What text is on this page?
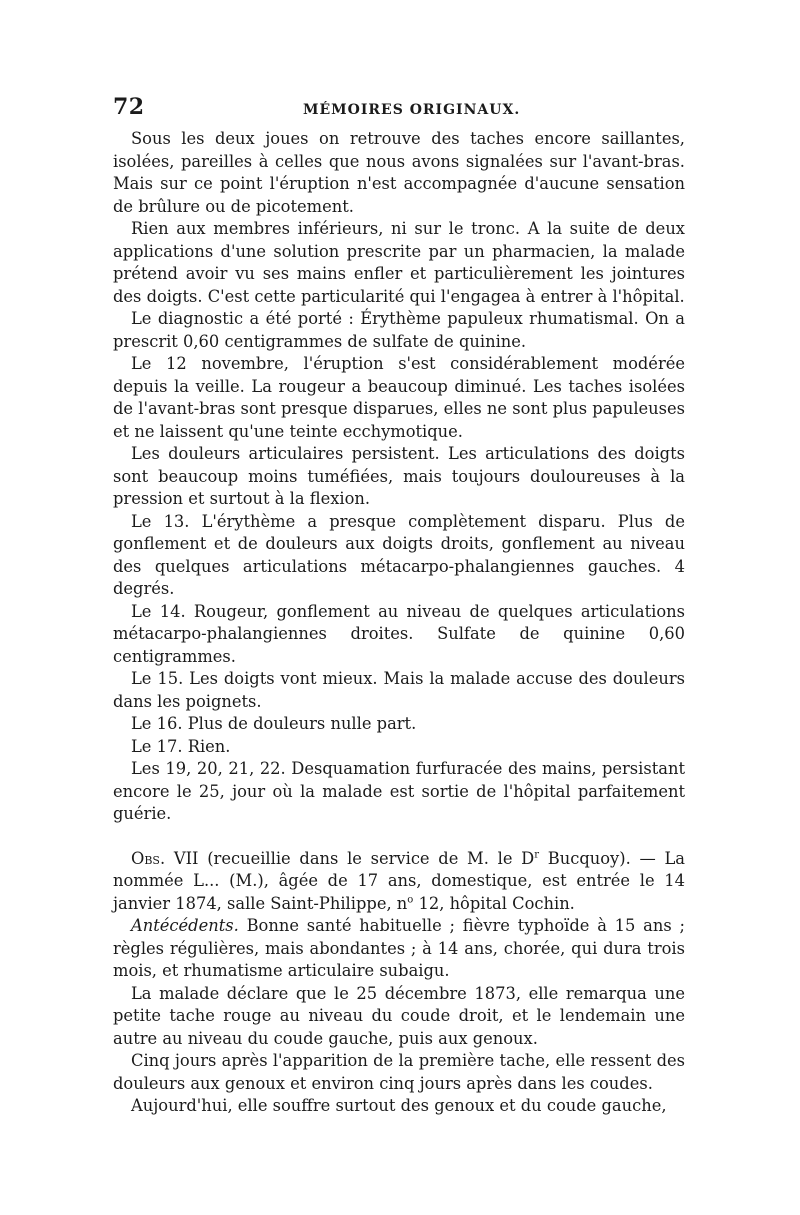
72	MÉMOIRES ORIGINAUX.

Sous les deux joues on retrouve des taches encore saillantes, isolées, pareilles à celles que nous avons signalées sur l'avant-bras. Mais sur ce point l'éruption n'est accompagnée d'aucune sensation de brûlure ou de picotement.

Rien aux membres inférieurs, ni sur le tronc. A la suite de deux applications d'une solution prescrite par un pharmacien, la malade prétend avoir vu ses mains enfler et particulièrement les jointures des doigts. C'est cette particularité qui l'engagea à entrer à l'hôpital.

Le diagnostic a été porté : Érythème papuleux rhumatismal. On a prescrit 0,60 centigrammes de sulfate de quinine.

Le 12 novembre, l'éruption s'est considérablement modérée depuis la veille. La rougeur a beaucoup diminué. Les taches isolées de l'avant-bras sont presque disparues, elles ne sont plus papuleuses et ne laissent qu'une teinte ecchymotique.

Les douleurs articulaires persistent. Les articulations des doigts sont beaucoup moins tuméfiées, mais toujours douloureuses à la pression et surtout à la flexion.

Le 13. L'érythème a presque complètement disparu. Plus de gonflement et de douleurs aux doigts droits, gonflement au niveau des quelques articulations métacarpo-phalangiennes gauches. 4 degrés.

Le 14. Rougeur, gonflement au niveau de quelques articulations métacarpo-phalangiennes droites. Sulfate de quinine 0,60 centigrammes.

Le 15. Les doigts vont mieux. Mais la malade accuse des douleurs dans les poignets.

Le 16. Plus de douleurs nulle part.

Le 17. Rien.

Les 19, 20, 21, 22. Desquamation furfuracée des mains, persistant encore le 25, jour où la malade est sortie de l'hôpital parfaitement guérie.

Obs. VII (recueillie dans le service de M. le $D^r$ Bucquoy). — La nommée L... (M.), âgée de 17 ans, domestique, est entrée le 14 janvier 1874, salle Saint-Philippe, $n^o$ 12, hôpital Cochin.

Antécédents. Bonne santé habituelle ; fièvre typhoïde à 15 ans ; règles régulières, mais abondantes ; à 14 ans, chorée, qui dura trois mois, et rhumatisme articulaire subaigu.

La malade déclare que le 25 décembre 1873, elle remarqua une petite tache rouge au niveau du coude droit, et le lendemain une autre au niveau du coude gauche, puis aux genoux.

Cinq jours après l'apparition de la première tache, elle ressent des douleurs aux genoux et environ cinq jours après dans les coudes.

Aujourd'hui, elle souffre surtout des genoux et du coude gauche,
